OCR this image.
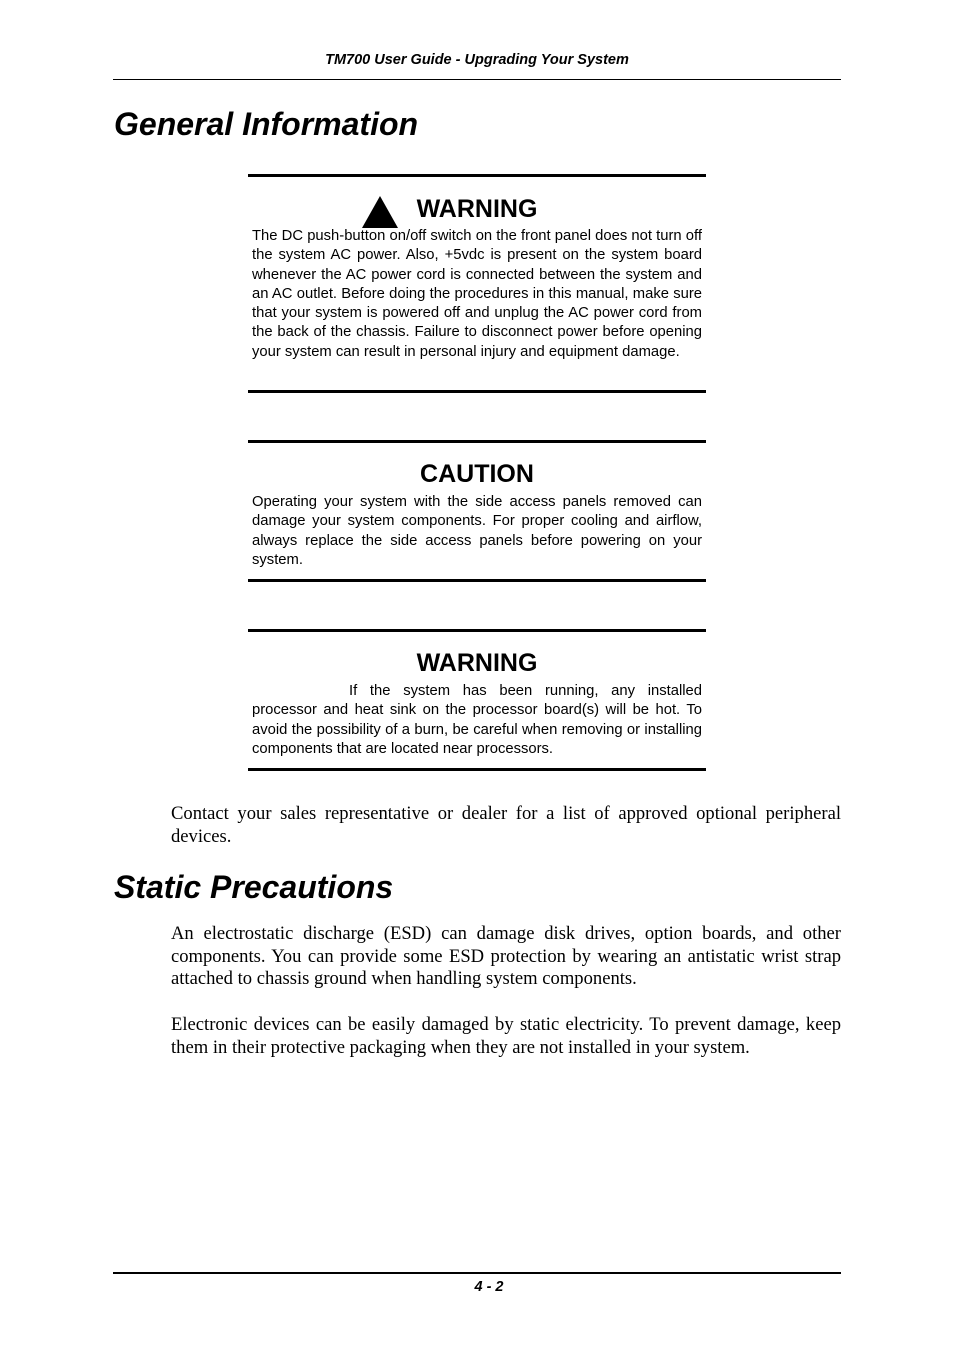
TM700 User Guide - Upgrading Your System
General Information
WARNING

The DC push-button on/off switch on the front panel does not turn off the system AC power. Also, +5vdc is present on the system board whenever the AC power cord is connected between the system and an AC outlet. Before doing the procedures in this manual, make sure that your system is powered off and unplug the AC power cord from the back of the chassis. Failure to disconnect power before opening your system can result in personal injury and equipment damage.

CAUTION

Operating your system with the side access panels removed can damage your system components. For proper cooling and airflow, always replace the side access panels before powering on your system.

WARNING

If the system has been running, any installed processor and heat sink on the processor board(s) will be hot. To avoid the possibility of a burn, be careful when removing or installing components that are located near processors.

Contact your sales representative or dealer for a list of approved optional peripheral devices.

Static Precautions

An electrostatic discharge (ESD) can damage disk drives, option boards, and other components. You can provide some ESD protection by wearing an antistatic wrist strap attached to chassis ground when handling system components.

Electronic devices can be easily damaged by static electricity. To prevent damage, keep them in their protective packaging when they are not installed in your system.

4 - 2
